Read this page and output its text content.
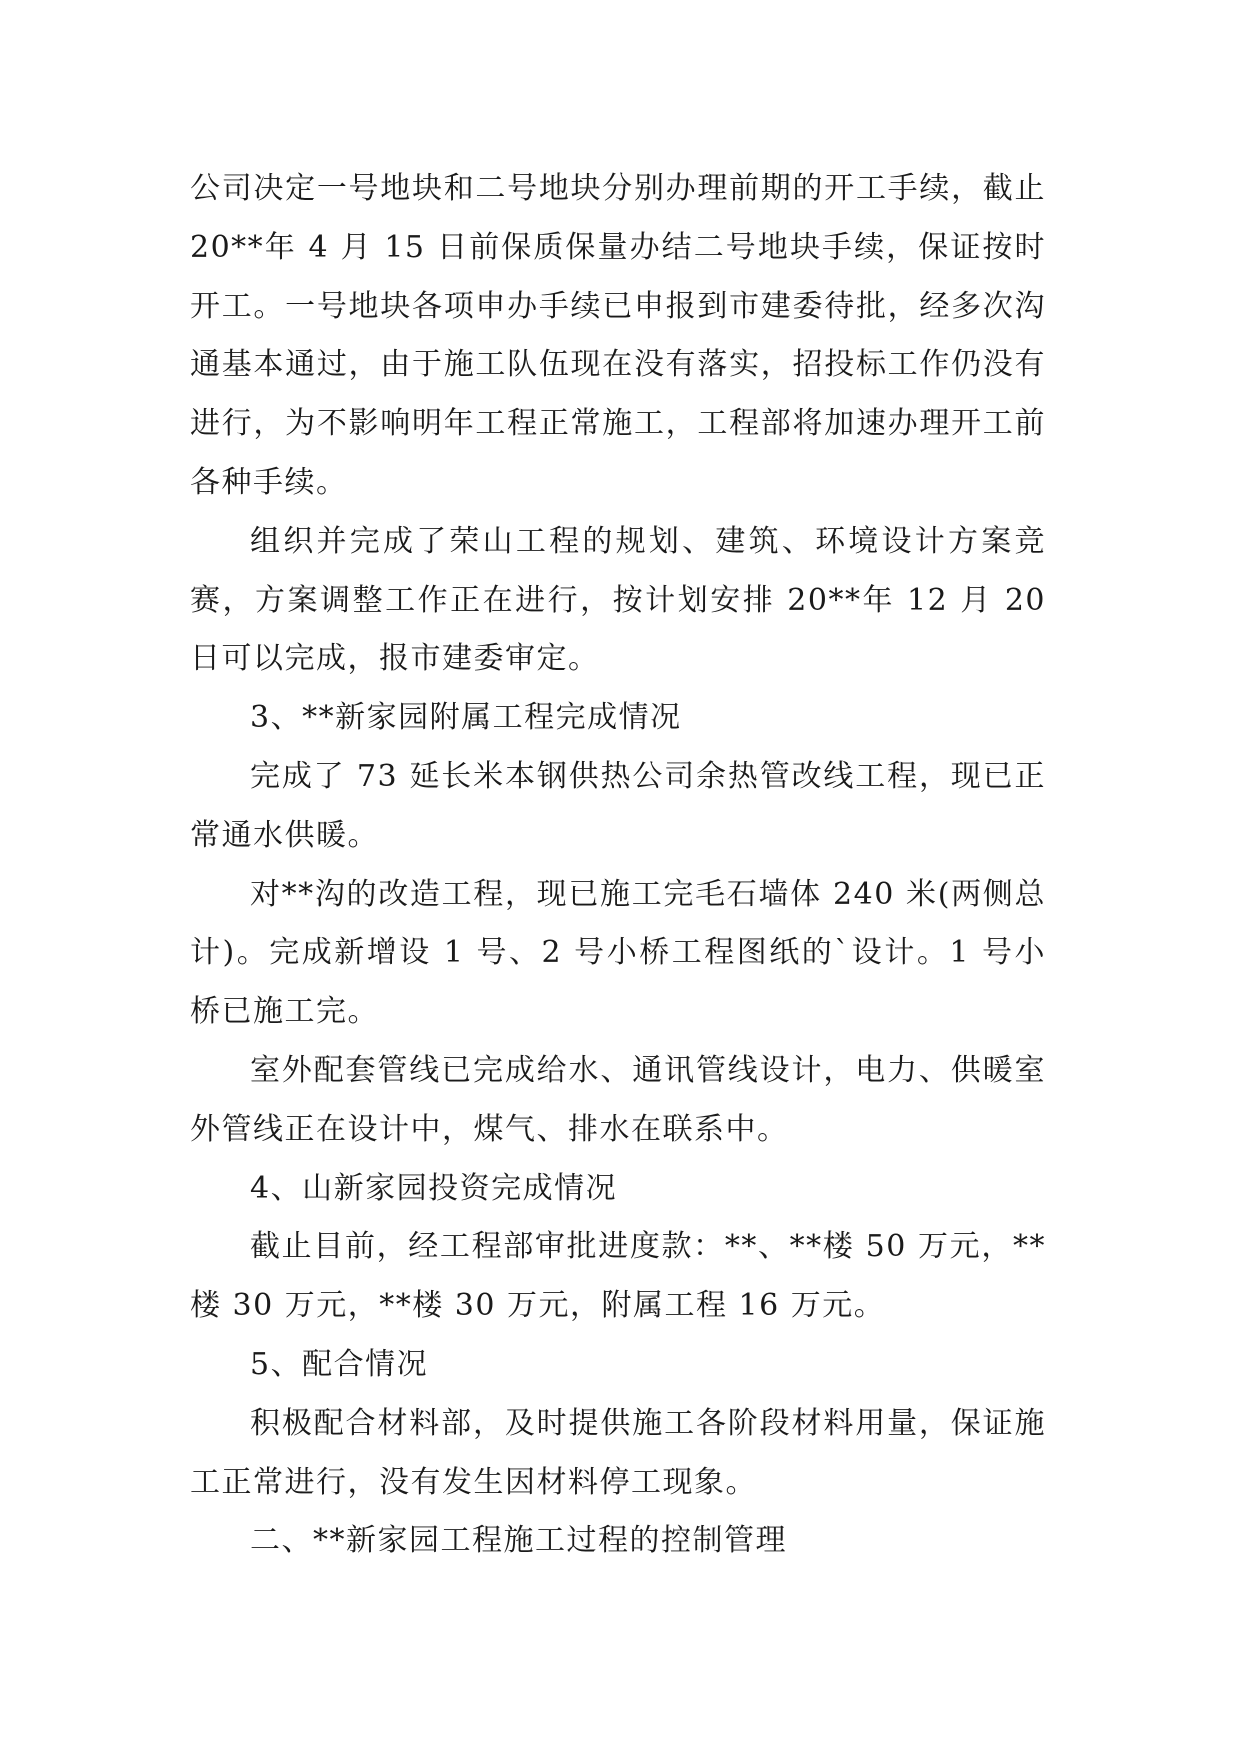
公司决定一号地块和二号地块分别办理前期的开工手续，截止 20**年 4 月 15 日前保质保量办结二号地块手续，保证按时开工。一号地块各项申办手续已申报到市建委待批，经多次沟通基本通过，由于施工队伍现在没有落实，招投标工作仍没有进行，为不影响明年工程正常施工，工程部将加速办理开工前各种手续。

组织并完成了荣山工程的规划、建筑、环境设计方案竞赛，方案调整工作正在进行，按计划安排 20**年 12 月 20 日可以完成，报市建委审定。

3、**新家园附属工程完成情况

完成了 73 延长米本钢供热公司余热管改线工程，现已正常通水供暖。

对**沟的改造工程，现已施工完毛石墙体 240 米(两侧总计)。完成新增设 1 号、2 号小桥工程图纸的`设计。1 号小桥已施工完。

室外配套管线已完成给水、通讯管线设计，电力、供暖室外管线正在设计中，煤气、排水在联系中。

4、山新家园投资完成情况

截止目前，经工程部审批进度款：**、**楼 50 万元，**楼 30 万元，**楼 30 万元，附属工程 16 万元。

5、配合情况

积极配合材料部，及时提供施工各阶段材料用量，保证施工正常进行，没有发生因材料停工现象。

二、**新家园工程施工过程的控制管理
